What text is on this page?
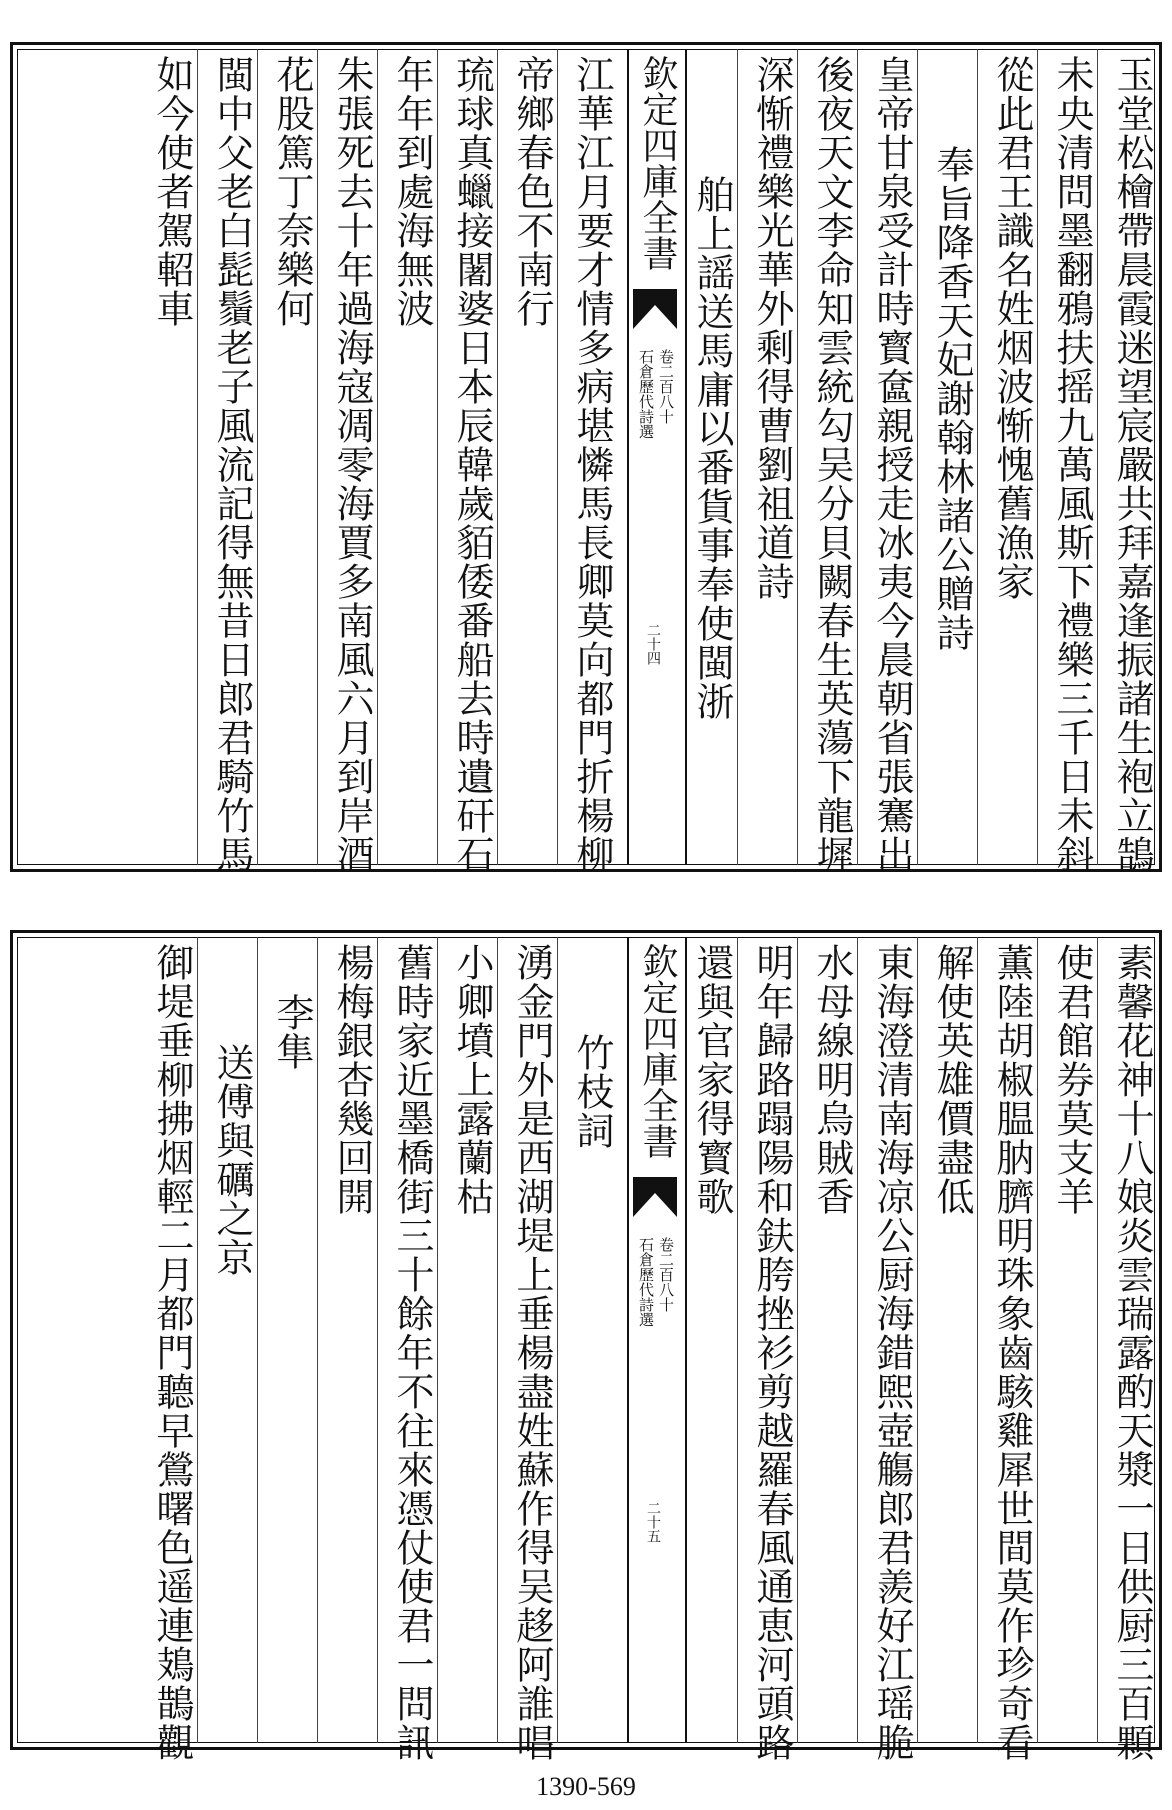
玉堂松檜帶晨霞迷望宸嚴共拜嘉逢振諸生袍立鵠
未央清問墨翻鴉扶摇九萬風斯下禮樂三千日未斜
從此君王識名姓烟波惭愧舊漁家
奉旨降香天妃謝翰林諸公贈詩
皇帝甘泉受計時寳奩親授走冰夷今晨朝省張騫出
後夜天文李命知雲統勾吴分貝闕春生英蕩下龍墀
深惭禮樂光華外剩得曹劉祖道詩
舶上謡送馬庸以番貨事奉使閩浙
欽定四庫全書
石倉歷代詩選 卷二百八十
二十四
江華江月要才情多病堪憐馬長卿莫向都門折楊柳
帝鄉春色不南行
琉球真蠟接闍婆日本辰韓歲貊倭番船去時遺矸石
年年到處海無波
朱張死去十年過海寇凋零海賈多南風六月到岸酒
花股篤丁奈樂何
閩中父老白髭鬚老子風流記得無昔日郎君騎竹馬
如今使者駕軺車
素馨花神十八娘炎雲瑞露酌天漿一日供厨三百顆
使君館券莫支羊
薫陸胡椒腽肭臍明珠象齒駭雞犀世間莫作珍奇看
解使英雄價盡低
東海澄清南海凉公厨海錯煕壺觴郎君羨好江瑶脆
水母線明烏賊香
明年歸路蹋陽和鈇胯挫衫剪越羅春風通恵河頭路
還與官家得寳歌
欽定四庫全書
石倉歷代詩選 卷二百八十
二十五
竹枝詞
湧金門外是西湖堤上垂楊盡姓蘇作得吴趍阿誰唱
小卿墳上露蘭枯
舊時家近墨橋街三十餘年不往來憑仗使君一問訊
楊梅銀杏幾回開
李隼
送傅與礪之京
御堤垂柳拂烟輕二月都門聽早鶯曙色遥連鳷鵲觀
1390-569
